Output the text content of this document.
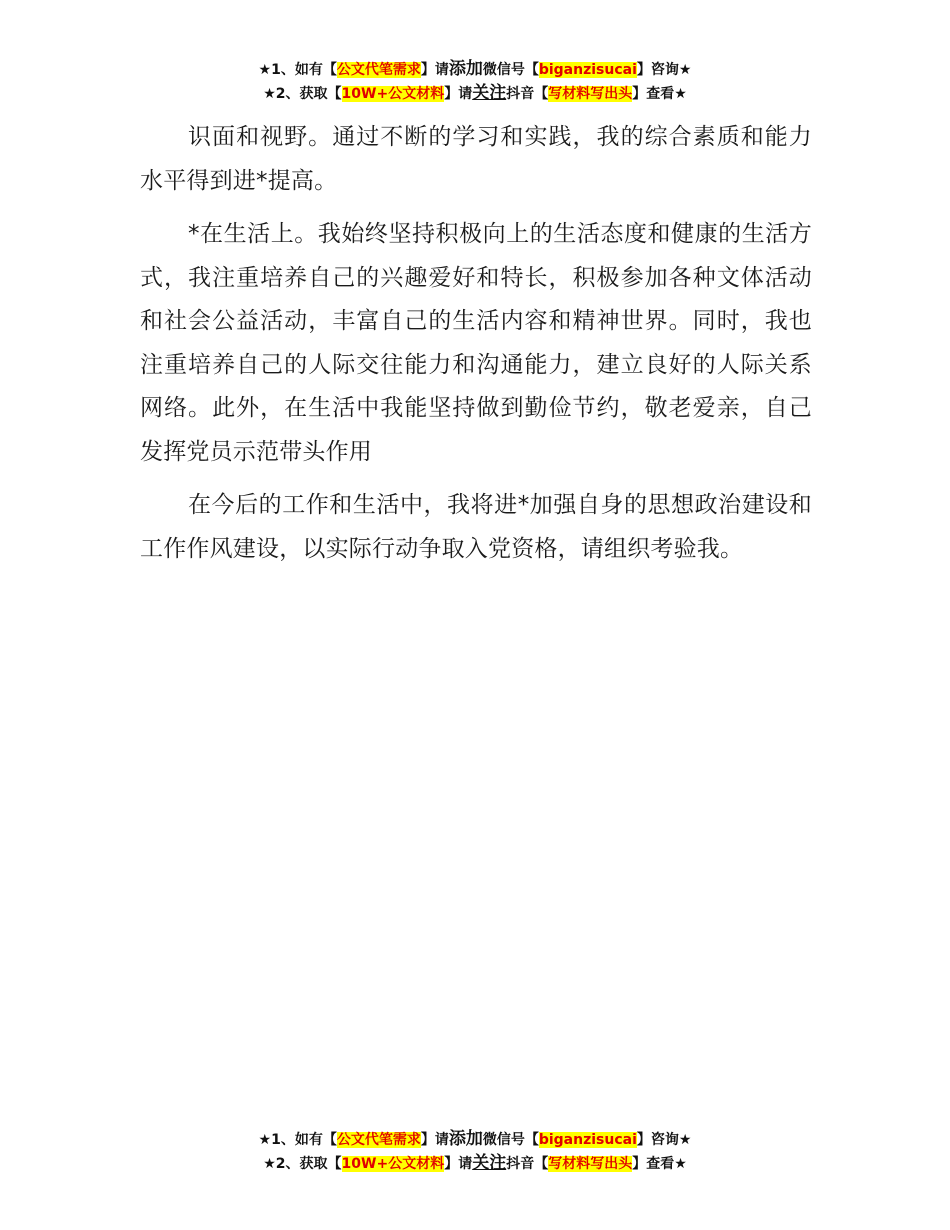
★1、如有【公文代笔需求】请添加微信号【biganzisucai】咨询★
★2、获取【10W+公文材料】请关注抖音【写材料写出头】查看★

识面和视野。通过不断的学习和实践，我的综合素质和能力水平得到进*提高。

*在生活上。我始终坚持积极向上的生活态度和健康的生活方式，我注重培养自己的兴趣爱好和特长，积极参加各种文体活动和社会公益活动，丰富自己的生活内容和精神世界。同时，我也注重培养自己的人际交往能力和沟通能力，建立良好的人际关系网络。此外，在生活中我能坚持做到勤俭节约，敬老爱亲，自己发挥党员示范带头作用

在今后的工作和生活中，我将进*加强自身的思想政治建设和工作作风建设，以实际行动争取入党资格，请组织考验我。

★1、如有【公文代笔需求】请添加微信号【biganzisucai】咨询★
★2、获取【10W+公文材料】请关注抖音【写材料写出头】查看★
